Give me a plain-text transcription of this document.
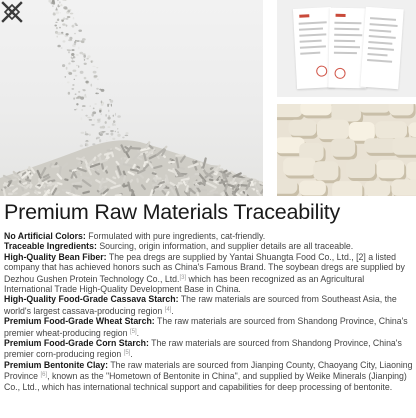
Premium Raw Materials Traceability

No Artificial Colors: Formulated with pure ingredients, cat-friendly.

Traceable Ingredients: Sourcing, origin information, and supplier details are all traceable.

High-Quality Bean Fiber: The pea dregs are supplied by Yantai Shuangta Food Co., Ltd., [2] a listed company that has achieved honors such as China's Famous Brand. The soybean dregs are supplied by Dezhou Gushen Protein Technology Co., Ltd.[3] which has been recognized as an Agricultural International Trade High-Quality Development Base in China.

High-Quality Food-Grade Cassava Starch: The raw materials are sourced from Southeast Asia, the world's largest cassava-producing region [4].

Premium Food-Grade Wheat Starch: The raw materials are sourced from Shandong Province, China's premier wheat-producing region [5].

Premium Food-Grade Corn Starch: The raw materials are sourced from Shandong Province, China's premier corn-producing region [5].

Premium Bentonite Clay: The raw materials are sourced from Jianping County, Chaoyang City, Liaoning Province [6], known as the "Hometown of Bentonite in China", and supplied by Weike Minerals (Jianping) Co., Ltd., which has international technical support and capabilities for deep processing of bentonite.
